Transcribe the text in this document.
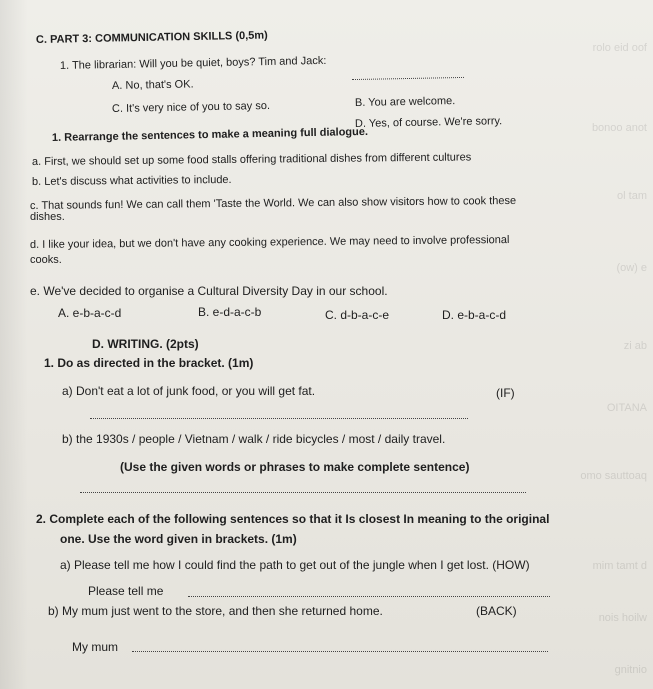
rolo eid oof
bonoo anot
ol tam
(ow) e
zi ab
OITANA
omo sauttoaq
mim tamt d
nois hoilw
gnitnio
C. PART 3: COMMUNICATION SKILLS (0,5m)
1. The librarian: Will you be quiet, boys? Tim and Jack:
A. No, that's OK.
B. You are welcome.
C. It's very nice of you to say so.
D. Yes, of course. We're sorry.
1. Rearrange the sentences to make a meaning full dialogue.
a. First, we should set up some food stalls offering traditional dishes from different cultures
b. Let's discuss what activities to include.
c. That sounds fun! We can call them 'Taste the World. We can also show visitors how to cook these
dishes.
d. I like your idea, but we don't have any cooking experience. We may need to involve professional
cooks.
e. We've decided to organise a Cultural Diversity Day in our school.
A. e-b-a-c-d	B. e-d-a-c-b	C. d-b-a-c-e	D. e-b-a-c-d
D. WRITING. (2pts)
1. Do as directed in the bracket. (1m)
a) Don't eat a lot of junk food, or you will get fat.	(IF)
b) the 1930s / people / Vietnam / walk / ride bicycles / most / daily travel.
(Use the given words or phrases to make complete sentence)
2. Complete each of the following sentences so that it Is closest In meaning to the original
one. Use the word given in brackets. (1m)
a) Please tell me how I could find the path to get out of the jungle when I get lost. (HOW)
Please tell me
b) My mum just went to the store, and then she returned home.	(BACK)
My mum
